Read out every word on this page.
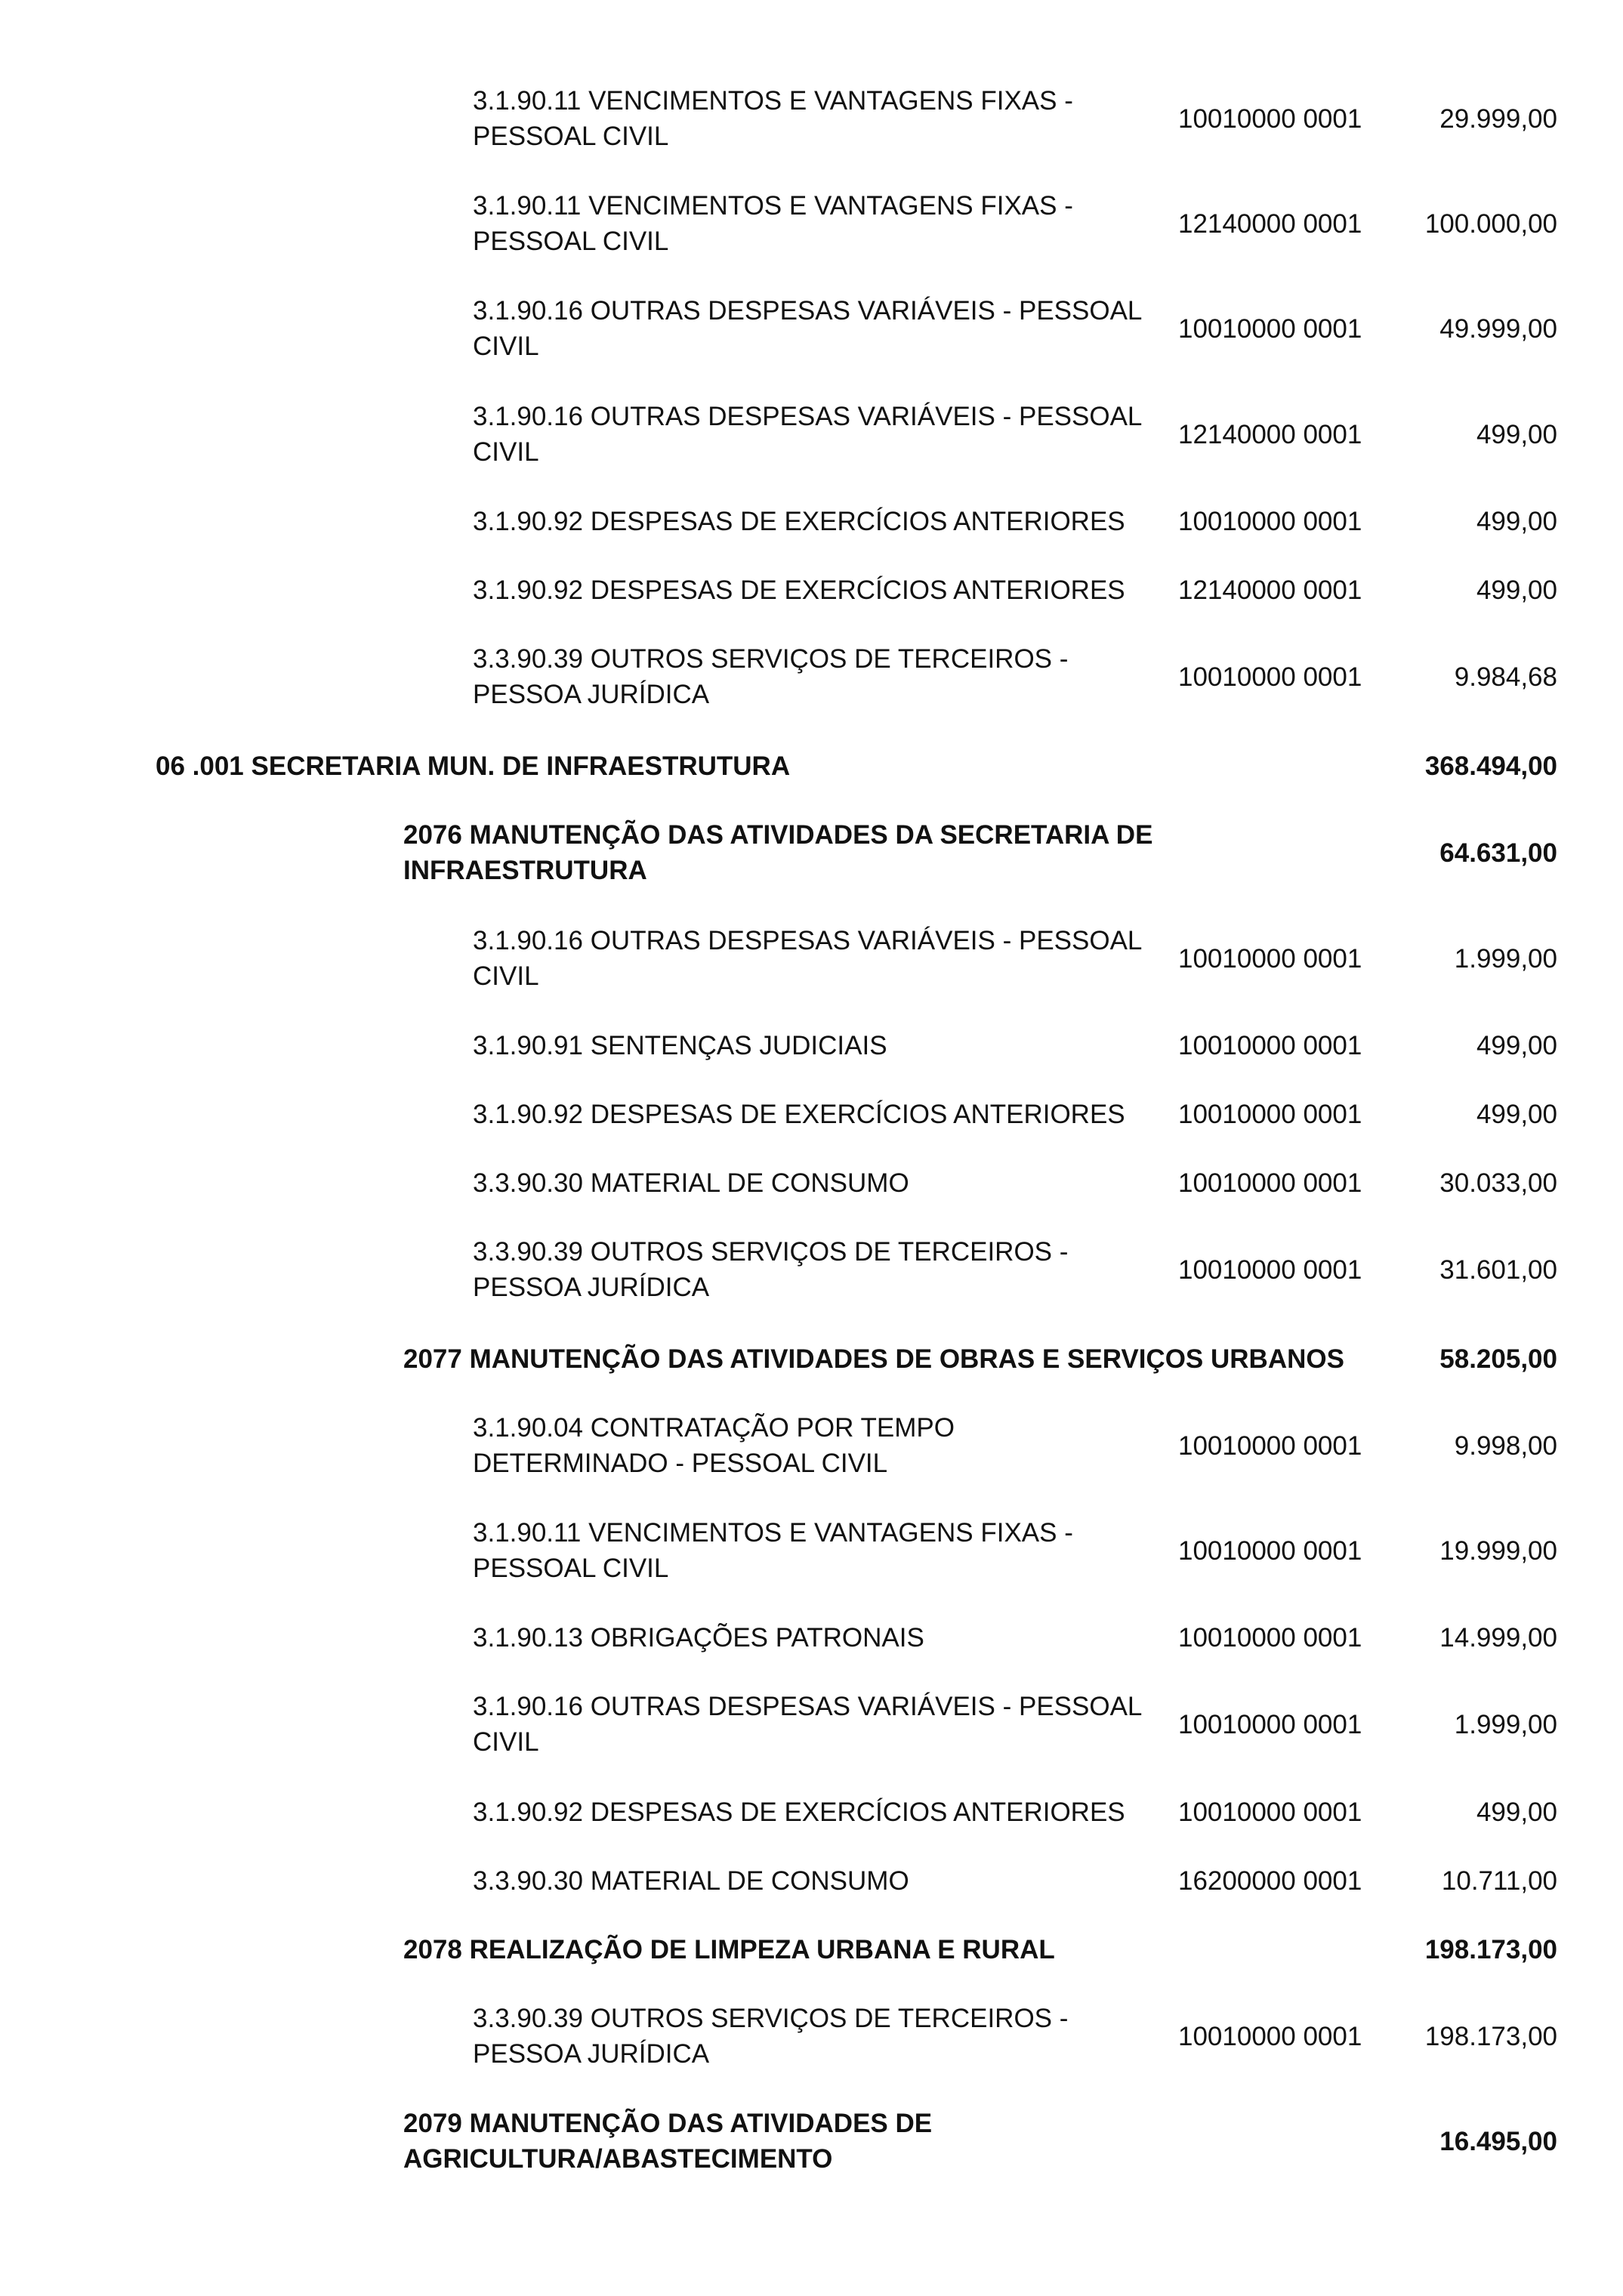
3.1.90.11 VENCIMENTOS E VANTAGENS FIXAS -
PESSOAL CIVIL
10010000 0001	29.999,00
3.1.90.11 VENCIMENTOS E VANTAGENS FIXAS -
PESSOAL CIVIL
12140000 0001 100.000,00
3.1.90.16 OUTRAS DESPESAS VARIÁVEIS - PESSOAL
CIVIL
10010000 0001	49.999,00
3.1.90.16 OUTRAS DESPESAS VARIÁVEIS - PESSOAL
CIVIL
12140000 0001	499,00
3.1.90.92 DESPESAS DE EXERCÍCIOS ANTERIORES 10010000 0001	499,00
3.1.90.92 DESPESAS DE EXERCÍCIOS ANTERIORES 12140000 0001	499,00
3.3.90.39 OUTROS SERVIÇOS DE TERCEIROS -
PESSOA JURÍDICA
10010000 0001	9.984,68
06 .001 SECRETARIA MUN. DE INFRAESTRUTURA	368.494,00
2076 MANUTENÇÃO DAS ATIVIDADES DA SECRETARIA DE
INFRAESTRUTURA
64.631,00
3.1.90.16 OUTRAS DESPESAS VARIÁVEIS - PESSOAL
CIVIL
10010000 0001	1.999,00
3.1.90.91 SENTENÇAS JUDICIAIS	10010000 0001	499,00
3.1.90.92 DESPESAS DE EXERCÍCIOS ANTERIORES 10010000 0001	499,00
3.3.90.30 MATERIAL DE CONSUMO	10010000 0001	30.033,00
3.3.90.39 OUTROS SERVIÇOS DE TERCEIROS -
PESSOA JURÍDICA
10010000 0001	31.601,00
2077 MANUTENÇÃO DAS ATIVIDADES DE OBRAS E SERVIÇOS URBANOS	58.205,00
3.1.90.04 CONTRATAÇÃO POR TEMPO
DETERMINADO - PESSOAL CIVIL
10010000 0001	9.998,00
3.1.90.11 VENCIMENTOS E VANTAGENS FIXAS -
PESSOAL CIVIL
10010000 0001	19.999,00
3.1.90.13 OBRIGAÇÕES PATRONAIS	10010000 0001	14.999,00
3.1.90.16 OUTRAS DESPESAS VARIÁVEIS - PESSOAL
CIVIL
10010000 0001	1.999,00
3.1.90.92 DESPESAS DE EXERCÍCIOS ANTERIORES 10010000 0001	499,00
3.3.90.30 MATERIAL DE CONSUMO	16200000 0001	10.711,00
2078 REALIZAÇÃO DE LIMPEZA URBANA E RURAL	198.173,00
3.3.90.39 OUTROS SERVIÇOS DE TERCEIROS -
PESSOA JURÍDICA
10010000 0001 198.173,00
2079 MANUTENÇÃO DAS ATIVIDADES DE
AGRICULTURA/ABASTECIMENTO
16.495,00
